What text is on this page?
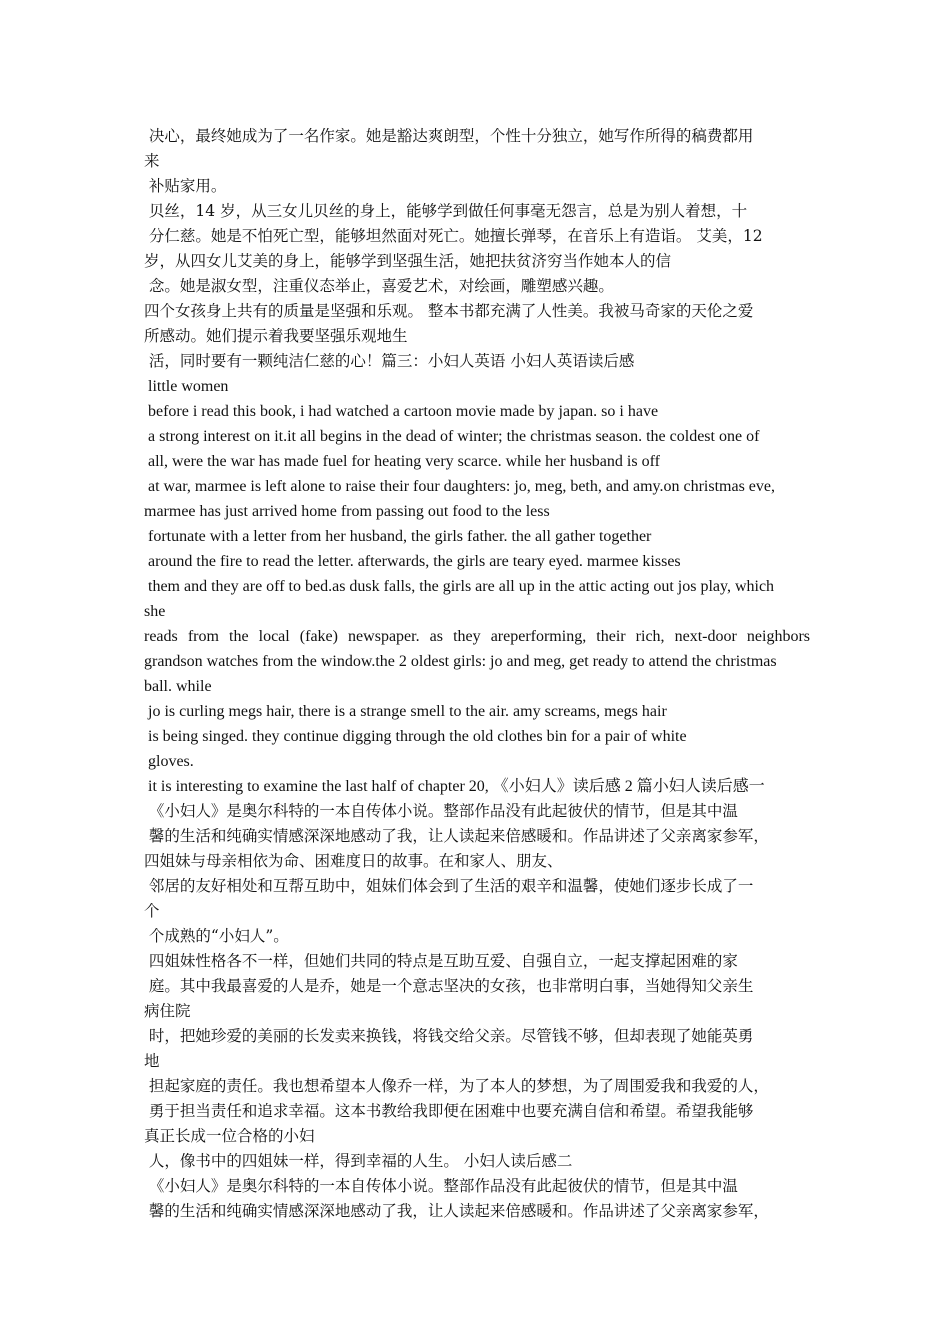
决心，最终她成为了一名作家。她是豁达爽朗型，个性十分独立，她写作所得的稿费都用
来
补贴家用。
贝丝，14 岁，从三女儿贝丝的身上，能够学到做任何事毫无怨言，总是为别人着想，十
分仁慈。她是不怕死亡型，能够坦然面对死亡。她擅长弹琴，在音乐上有造诣。 艾美，12
岁，从四女儿艾美的身上，能够学到坚强生活，她把扶贫济穷当作她本人的信
念。她是淑女型，注重仪态举止，喜爱艺术，对绘画，雕塑感兴趣。
四个女孩身上共有的质量是坚强和乐观。 整本书都充满了人性美。我被马奇家的天伦之爱
所感动。她们提示着我要坚强乐观地生
活，同时要有一颗纯洁仁慈的心！篇三：小妇人英语 小妇人英语读后感
little women
before i read this book, i had watched a cartoon movie made by japan. so i have
a strong interest on it.it all begins in the dead of winter; the christmas season. the coldest one of
all, were the war has made fuel for heating very scarce. while her husband is off
at war, marmee is left alone to raise their four daughters: jo, meg, beth, and amy.on christmas eve,
marmee has just arrived home from passing out food to the less
fortunate with a letter from her husband, the girls father. the all gather together
around the fire to read the letter. afterwards, the girls are teary eyed. marmee kisses
them and they are off to bed.as dusk falls, the girls are all up in the attic acting out jos play, which
she
reads from the local (fake) newspaper. as they areperforming, their rich, next-door neighbors
grandson watches from the window.the 2 oldest girls: jo and meg, get ready to attend the christmas
ball. while
jo is curling megs hair, there is a strange smell to the air. amy screams, megs hair
is being singed. they continue digging through the old clothes bin for a pair of white
gloves.
it is interesting to examine the last half of chapter 20, 《小妇人》读后感 2 篇小妇人读后感一
《小妇人》是奥尔科特的一本自传体小说。整部作品没有此起彼伏的情节，但是其中温
馨的生活和纯确实情感深深地感动了我，让人读起来倍感暖和。作品讲述了父亲离家参军，
四姐妹与母亲相依为命、困难度日的故事。在和家人、朋友、
邻居的友好相处和互帮互助中，姐妹们体会到了生活的艰辛和温馨，使她们逐步长成了一
个
个成熟的“小妇人”。
四姐妹性格各不一样，但她们共同的特点是互助互爱、自强自立，一起支撑起困难的家
庭。其中我最喜爱的人是乔，她是一个意志坚决的女孩，也非常明白事，当她得知父亲生
病住院
时，把她珍爱的美丽的长发卖来换钱，将钱交给父亲。尽管钱不够，但却表现了她能英勇
地
担起家庭的责任。我也想希望本人像乔一样，为了本人的梦想，为了周围爱我和我爱的人，
勇于担当责任和追求幸福。这本书教给我即便在困难中也要充满自信和希望。希望我能够
真正长成一位合格的小妇
人，像书中的四姐妹一样，得到幸福的人生。 小妇人读后感二
《小妇人》是奥尔科特的一本自传体小说。整部作品没有此起彼伏的情节，但是其中温
馨的生活和纯确实情感深深地感动了我，让人读起来倍感暖和。作品讲述了父亲离家参军，
